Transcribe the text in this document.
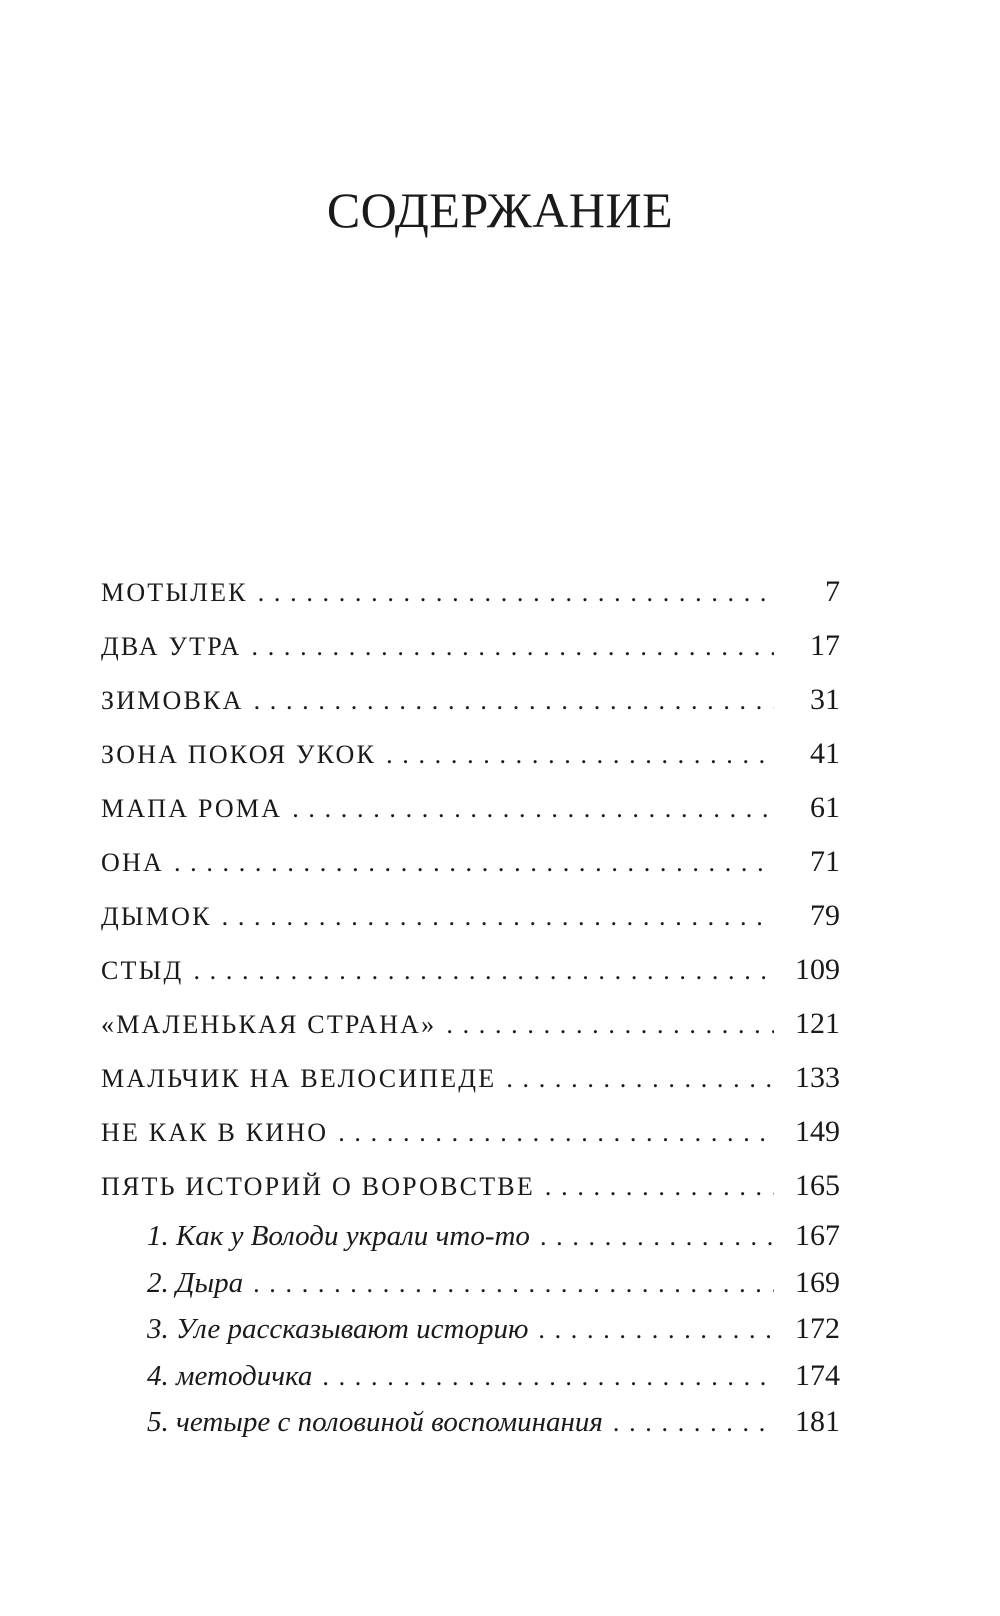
СОДЕРЖАНИЕ
МОТЫЛЕК . . .	7
ДВА УТРА . . .	17
ЗИМОВКА . . .	31
ЗОНА ПОКОЯ УКОК . . .	41
МАПА РОМА . . .	61
ОНА . . .	71
ДЫМОК . . .	79
СТЫД . . .	109
«МАЛЕНЬКАЯ СТРАНА» . . .	121
МАЛЬЧИК НА ВЕЛОСИПЕДЕ . . .	133
НЕ КАК В КИНО . . .	149
ПЯТЬ ИСТОРИЙ О ВОРОВСТВЕ . . .	165
1. Как у Володи украли что-то . . .	167
2. Дыра . . .	169
3. Уле рассказывают историю . . .	172
4. методичка . . .	174
5. четыре с половиной воспоминания . . .	181
